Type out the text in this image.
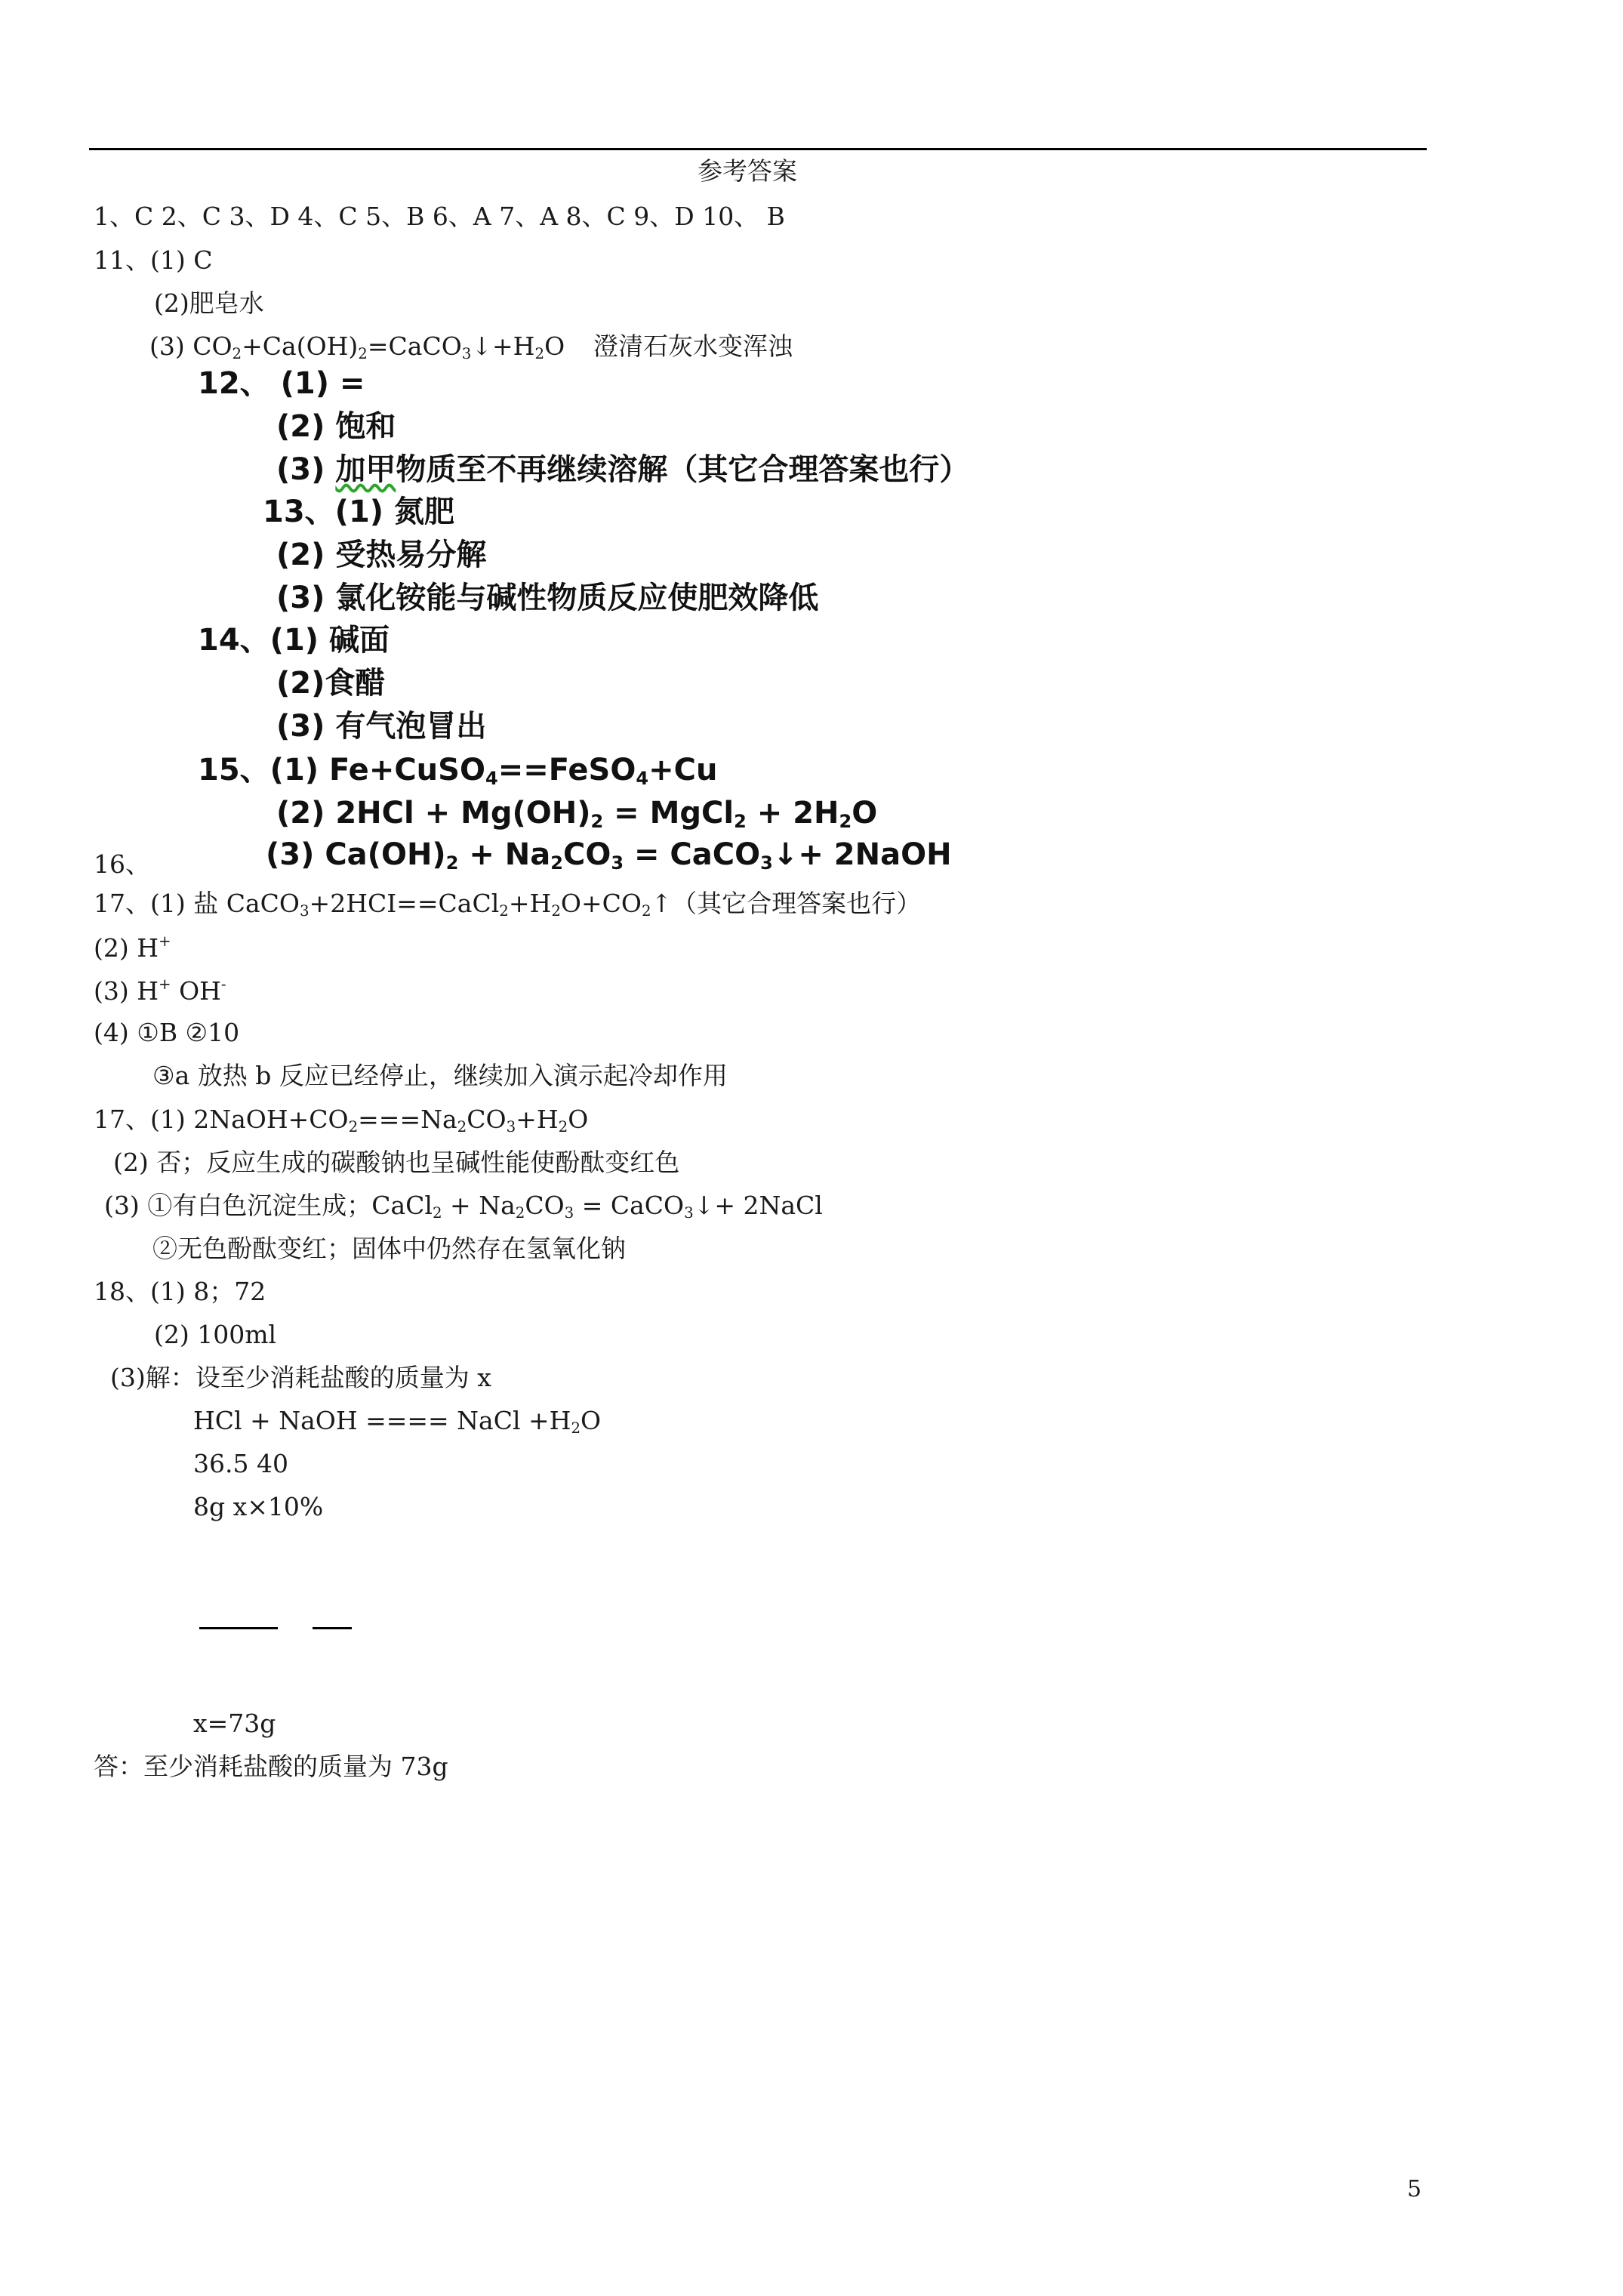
参考答案
1、C 2、C 3、D 4、C 5、B 6、A 7、A 8、C 9、D 10、 B
11、(1) C
(2)肥皂水
(3) $CO_2+Ca(OH)_2=CaCO_3↓+H_2O$ 澄清石灰水变浑浊
12、 (1) =
(2) 饱和
(3) 加甲物质至不再继续溶解（其它合理答案也行）
13、(1) 氮肥
(2) 受热易分解
(3) 氯化铵能与碱性物质反应使肥效降低
14、(1) 碱面
(2)食醋
(3) 有气泡冒出
15、(1) Fe+CuSO$_4$==FeSO$_4$+Cu
(2) $2HCl + Mg(OH)_2$ = MgCl$_2$ + $2H_2O$
(3) $Ca(OH)_2 + Na_2CO_3$ = CaCO$_3$↓+ 2NaOH
16、
17、(1) 盐 $CaCO_3+2HCI==CaCl_2+H_2O+CO_2↑$（其它合理答案也行）
(2) H+
(3) H+ OH-
(4) ①B ②10
③a 放热 b 反应已经停止，继续加入演示起冷却作用
17、(1) $2NaOH+CO_2===Na_2CO_3+H_2O$
(2) 否；反应生成的碳酸钠也呈碱性能使酚酞变红色
(3) ①有白色沉淀生成；CaCl$_2$ + $Na_2CO_3$ = CaCO$_3$↓+ 2NaCl
②无色酚酞变红；固体中仍然存在氢氧化钠
18、(1) 8；72
(2) 100ml
(3)解：设至少消耗盐酸的质量为 x
HCl + NaOH ==== NaCl $+H_2O$
36.5 40
8g x×10%
x=73g
答：至少消耗盐酸的质量为 73g
5
